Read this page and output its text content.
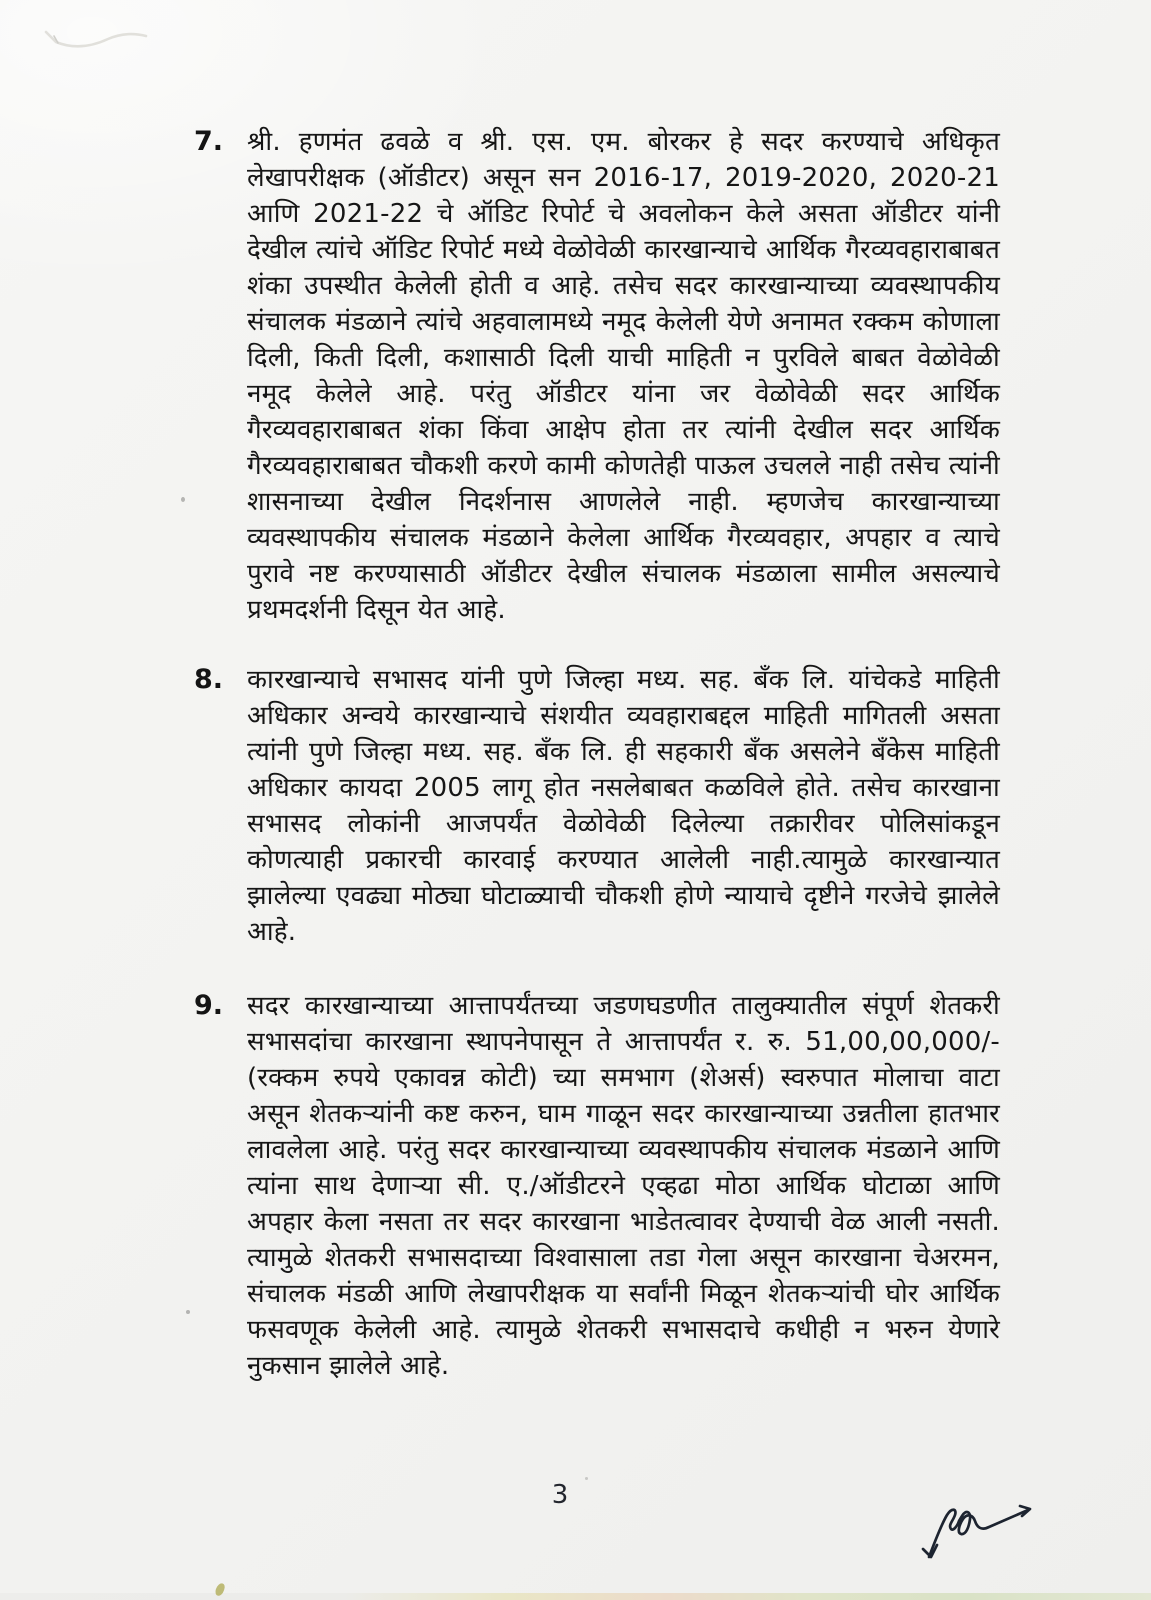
7. श्री. हणमंत ढवळे व श्री. एस. एम. बोरकर हे सदर करण्याचे अधिकृत लेखापरीक्षक (ऑडीटर) असून सन 2016-17, 2019-2020, 2020-21 आणि 2021-22 चे ऑडिट रिपोर्ट चे अवलोकन केले असता ऑडीटर यांनी देखील त्यांचे ऑडिट रिपोर्ट मध्ये वेळोवेळी कारखान्याचे आर्थिक गैरव्यवहाराबाबत शंका उपस्थीत केलेली होती व आहे. तसेच सदर कारखान्याच्या व्यवस्थापकीय संचालक मंडळाने त्यांचे अहवालामध्ये नमूद केलेली येणे अनामत रक्कम कोणाला दिली, किती दिली, कशासाठी दिली याची माहिती न पुरविले बाबत वेळोवेळी नमूद केलेले आहे. परंतु ऑडीटर यांना जर वेळोवेळी सदर आर्थिक गैरव्यवहाराबाबत शंका किंवा आक्षेप होता तर त्यांनी देखील सदर आर्थिक गैरव्यवहाराबाबत चौकशी करणे कामी कोणतेही पाऊल उचलले नाही तसेच त्यांनी शासनाच्या देखील निदर्शनास आणलेले नाही. म्हणजेच कारखान्याच्या व्यवस्थापकीय संचालक मंडळाने केलेला आर्थिक गैरव्यवहार, अपहार व त्याचे पुरावे नष्ट करण्यासाठी ऑडीटर देखील संचालक मंडळाला सामील असल्याचे प्रथमदर्शनी दिसून येत आहे.
8. कारखान्याचे सभासद यांनी पुणे जिल्हा मध्य. सह. बँक लि. यांचेकडे माहिती अधिकार अन्वये कारखान्याचे संशयीत व्यवहाराबद्दल माहिती मागितली असता त्यांनी पुणे जिल्हा मध्य. सह. बँक लि. ही सहकारी बँक असलेने बँकेस माहिती अधिकार कायदा 2005 लागू होत नसलेबाबत कळविले होते. तसेच कारखाना सभासद लोकांनी आजपर्यंत वेळोवेळी दिलेल्या तक्रारीवर पोलिसांकडून कोणत्याही प्रकारची कारवाई करण्यात आलेली नाही.त्यामुळे कारखान्यात झालेल्या एवढ्या मोठ्या घोटाळ्याची चौकशी होणे न्यायाचे दृष्टीने गरजेचे झालेले आहे.
9. सदर कारखान्याच्या आत्तापर्यंतच्या जडणघडणीत तालुक्यातील संपूर्ण शेतकरी सभासदांचा कारखाना स्थापनेपासून ते आत्तापर्यंत र. रु. 51,00,00,000/- (रक्कम रुपये एकावन्न कोटी) च्या समभाग (शेअर्स) स्वरुपात मोलाचा वाटा असून शेतकऱ्यांनी कष्ट करुन, घाम गाळून सदर कारखान्याच्या उन्नतीला हातभार लावलेला आहे. परंतु सदर कारखान्याच्या व्यवस्थापकीय संचालक मंडळाने आणि त्यांना साथ देणाऱ्या सी. ए./ऑडीटरने एव्हढा मोठा आर्थिक घोटाळा आणि अपहार केला नसता तर सदर कारखाना भाडेतत्वावर देण्याची वेळ आली नसती. त्यामुळे शेतकरी सभासदाच्या विश्वासाला तडा गेला असून कारखाना चेअरमन, संचालक मंडळी आणि लेखापरीक्षक या सर्वांनी मिळून शेतकऱ्यांची घोर आर्थिक फसवणूक केलेली आहे. त्यामुळे शेतकरी सभासदाचे कधीही न भरुन येणारे नुकसान झालेले आहे.
3
